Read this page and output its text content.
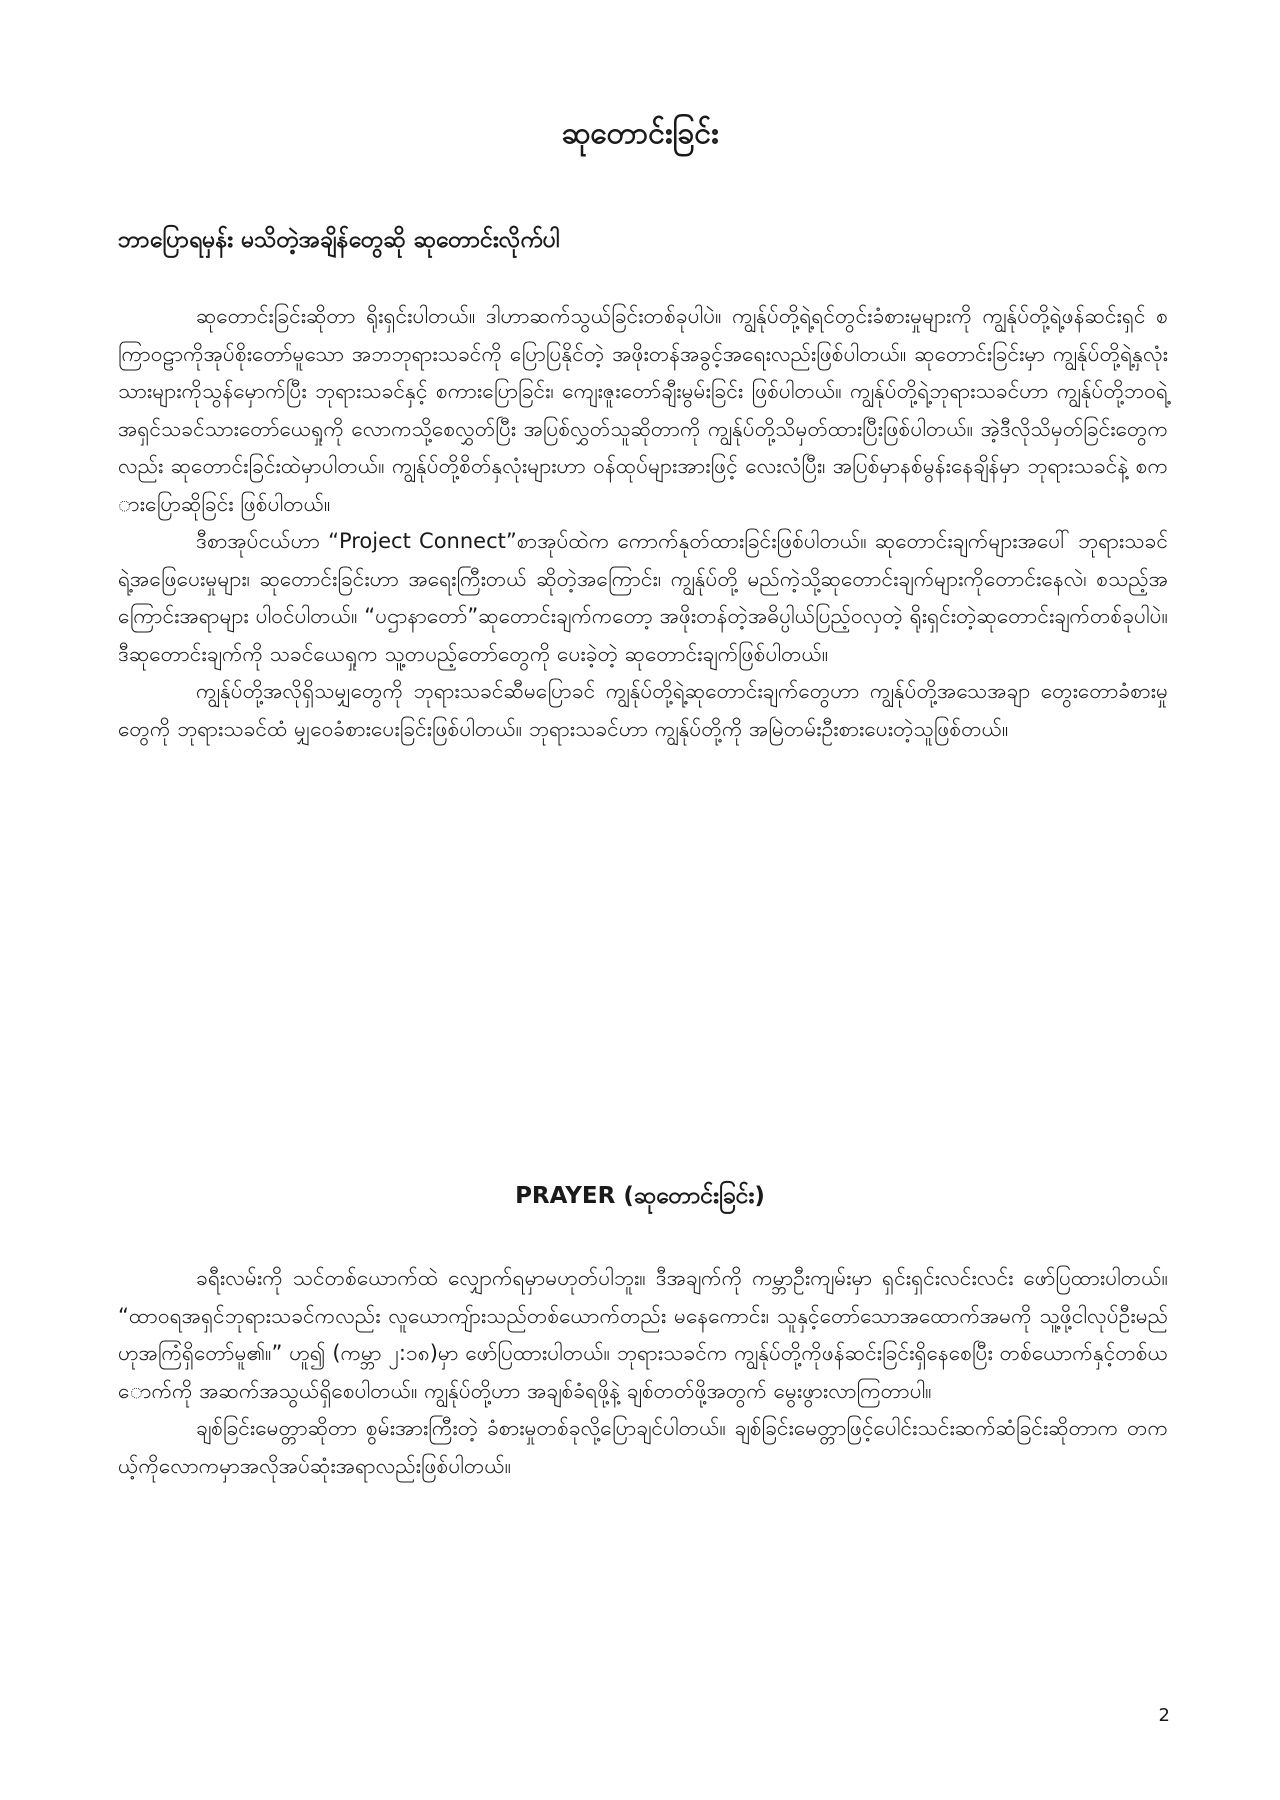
ဆုတောင်းခြင်း
ဘာပြောရမှန်း မသိတဲ့အချိန်တွေဆို ဆုတောင်းလိုက်ပါ

ဆုတောင်းခြင်းဆိုတာ ရိုးရှင်းပါတယ်။ ဒါဟာဆက်သွယ်ခြင်းတစ်ခုပါပဲ။ ကျွန်ုပ်တို့ရဲ့ရင်တွင်းခံစားမှုများကို ကျွန်ုပ်တို့ရဲ့ဖန်ဆင်းရှင် စကြာဝဠာကိုအုပ်စိုးတော်မူသော အဘဘုရားသခင်ကို ပြောပြနိုင်တဲ့ အဖိုးတန်အခွင့်အရေးလည်းဖြစ်ပါတယ်။ ဆုတောင်းခြင်းမှာ ကျွန်ုပ်တို့ရဲ့နှလုံးသားများကိုသွန်မှောက်ပြီး ဘုရားသခင်နှင့် စကားပြောခြင်း၊ ကျေးဇူးတော်ချီးမွမ်းခြင်း ဖြစ်ပါတယ်။ ကျွန်ုပ်တို့ရဲ့ဘုရားသခင်ဟာ ကျွန်ုပ်တို့ဘဝရဲ့အရှင်သခင်သားတော်ယေရှုကို လောကသို့စေလွှတ်ပြီး အပြစ်လွှတ်သူဆိုတာကို ကျွန်ုပ်တို့သိမှတ်ထားပြီးဖြစ်ပါတယ်။ အဲ့ဒီလိုသိမှတ်ခြင်းတွေကလည်း ဆုတောင်းခြင်းထဲမှာပါတယ်။ ကျွန်ုပ်တို့စိတ်နှလုံးများဟာ ဝန်ထုပ်များအားဖြင့် လေးလံပြီး၊ အပြစ်မှာနစ်မွန်းနေချိန်မှာ ဘုရားသခင်နဲ့ စကားပြောဆိုခြင်း ဖြစ်ပါတယ်။

ဒီစာအုပ်ငယ်ဟာ “Project Connect”စာအုပ်ထဲက ကောက်နုတ်ထားခြင်းဖြစ်ပါတယ်။ ဆုတောင်းချက်များအပေါ် ဘုရားသခင်ရဲ့အဖြေပေးမှုများ၊ ဆုတောင်းခြင်းဟာ အရေးကြီးတယ် ဆိုတဲ့အကြောင်း၊ ကျွန်ုပ်တို့ မည်ကဲ့သို့ဆုတောင်းချက်များကိုတောင်းနေလဲ၊ စသည့်အကြောင်းအရာများ ပါဝင်ပါတယ်။ “ပဌာနာတော်”ဆုတောင်းချက်ကတော့ အဖိုးတန်တဲ့အဓိပ္ပါယ်ပြည့်ဝလှတဲ့ ရိုးရှင်းတဲ့ဆုတောင်းချက်တစ်ခုပါပဲ။ ဒီဆုတောင်းချက်ကို သခင်ယေရှုက သူ့တပည့်တော်တွေကို ပေးခဲ့တဲ့ ဆုတောင်းချက်ဖြစ်ပါတယ်။

ကျွန်ုပ်တို့အလိုရှိသမျှတွေကို ဘုရားသခင်ဆီမပြောခင် ကျွန်ုပ်တို့ရဲ့ဆုတောင်းချက်တွေဟာ ကျွန်ုပ်တို့အသေအချာ တွေးတောခံစားမှုတွေကို ဘုရားသခင်ထံ မျှဝေခံစားပေးခြင်းဖြစ်ပါတယ်။ ဘုရားသခင်ဟာ ကျွန်ုပ်တို့ကို အမြဲတမ်းဦးစားပေးတဲ့သူဖြစ်တယ်။

PRAYER (ဆုတောင်းခြင်း)

ခရီးလမ်းကို သင်တစ်ယောက်ထဲ လျှောက်ရမှာမဟုတ်ပါဘူး။ ဒီအချက်ကို ကမ္ဘာဦးကျမ်းမှာ ရှင်းရှင်းလင်းလင်း ဖော်ပြထားပါတယ်။ “ထာဝရအရှင်ဘုရားသခင်ကလည်း လူယောကျ်ားသည်တစ်ယောက်တည်း မနေကောင်း၊ သူနှင့်တော်သောအထောက်အမကို သူ့ဖို့ငါလုပ်ဦးမည်ဟုအကြံရှိတော်မူ၏။” ဟူ၍ (ကမ္ဘာ ၂:၁၈)မှာ ဖော်ပြထားပါတယ်။ ဘုရားသခင်က ကျွန်ုပ်တို့ကိုဖန်ဆင်းခြင်းရှိနေစေပြီး တစ်ယောက်နှင့်တစ်ယောက်ကို အဆက်အသွယ်ရှိစေပါတယ်။ ကျွန်ုပ်တို့ဟာ အချစ်ခံရဖို့နဲ့ ချစ်တတ်ဖို့အတွက် မွေးဖွားလာကြတာပါ။

ချစ်ခြင်းမေတ္တာဆိုတာ စွမ်းအားကြီးတဲ့ ခံစားမှုတစ်ခုလို့ပြောချင်ပါတယ်။ ချစ်ခြင်းမေတ္တာဖြင့်ပေါင်းသင်းဆက်ဆံခြင်းဆိုတာက တကယ့်ကိုလောကမှာအလိုအပ်ဆုံးအရာလည်းဖြစ်ပါတယ်။

2
